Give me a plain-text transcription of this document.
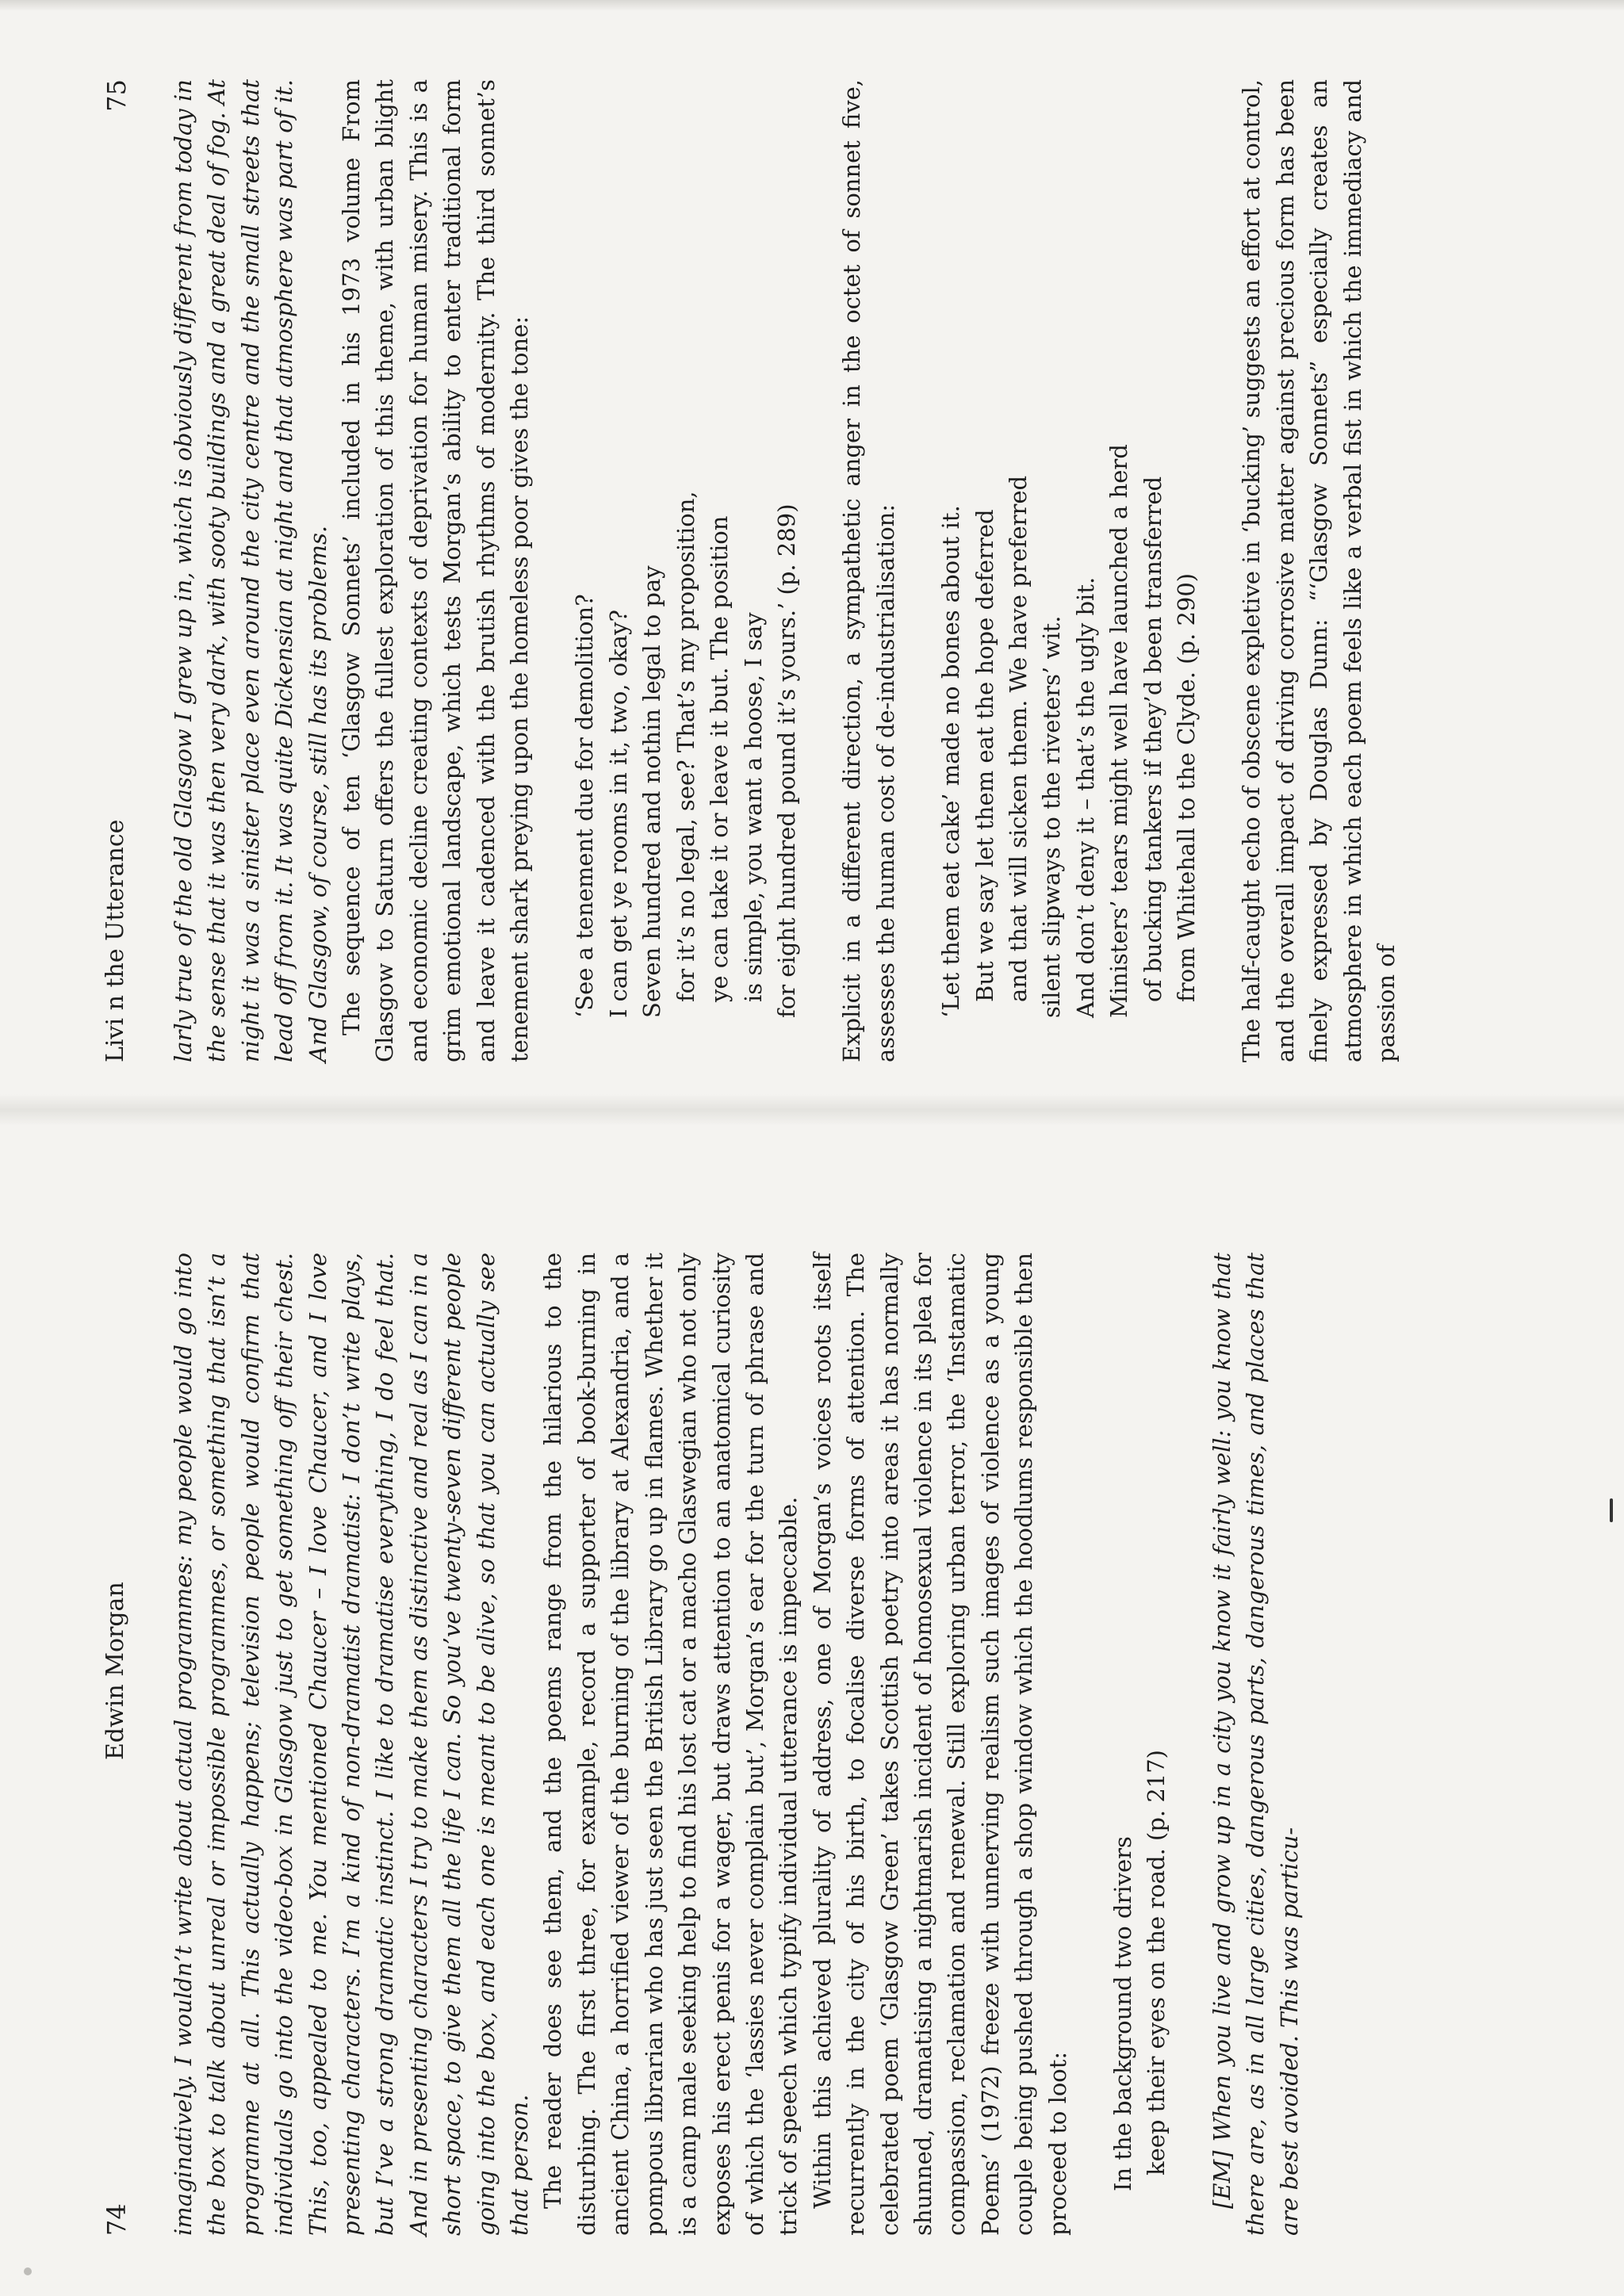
74
Edwin Morgan imaginatively. I wouldn’t write about actual programmes: my people would go into the box to talk about unreal or impossible programmes, or something that isn’t a programme at all. This actually happens; television people would confirm that individuals go into the video-box in Glasgow just to get something off their chest. This, too, appealed to me. You mentioned Chaucer – I love Chaucer, and I love presenting characters. I’m a kind of non-dramatist dramatist: I don’t write plays, but I’ve a strong dramatic instinct. I like to dramatise everything, I do feel that. And in presenting characters I try to make them as distinctive and real as I can in a short space, to give them all the life I can. So you’ve twenty-seven different people going into the box, and each one is meant to be alive, so that you can actually see that person. The reader does see them, and the poems range from the hilarious to the disturbing. The first three, for example, record a supporter of book-burning in ancient China, a horrified viewer of the burning of the library at Alexandria, and a pompous librarian who has just seen the British Library go up in flames. Whether it is a camp male seeking help to find his lost cat or a macho Glaswegian who not only exposes his erect penis for a wager, but draws attention to an anatomical curiosity of which the ‘lassies never complain but’, Morgan’s ear for the turn of phrase and trick of speech which typify individual utterance is impeccable. Within this achieved plurality of address, one of Morgan’s voices roots itself recurrently in the city of his birth, to focalise diverse forms of attention. The celebrated poem ‘Glasgow Green’ takes Scottish poetry into areas it has normally shunned, dramatising a nightmarish incident of homosexual violence in its plea for compassion, reclamation and renewal. Still exploring urban terror, the ‘Instamatic Poems’ (1972) freeze with unnerving realism such images of violence as a young couple being pushed through a shop window which the hoodlums responsible then proceed to loot: In the background two drivers keep their eyes on the road. (p. 217) [EM] When you live and grow up in a city you know it fairly well: you know that there are, as in all large cities, dangerous parts, dangerous times, and places that are best avoided. This was particu-

Livi n the Utterance
75 larly true of the old Glasgow I grew up in, which is obviously different from today in the sense that it was then very dark, with sooty buildings and a great deal of fog. At night it was a sinister place even around the city centre and the small streets that lead off from it. It was quite Dickensian at night and that atmosphere was part of it. And Glasgow, of course, still has its problems. The sequence of ten ‘Glasgow Sonnets’ included in his 1973 volume From Glasgow to Saturn offers the fullest exploration of this theme, with urban blight and economic decline creating contexts of deprivation for human misery. This is a grim emotional landscape, which tests Morgan’s ability to enter traditional form and leave it cadenced with the brutish rhythms of modernity. The third sonnet’s tenement shark preying upon the homeless poor gives the tone: ‘See a tenement due for demolition? I can get ye rooms in it, two, okay? Seven hundred and nothin legal to pay for it’s no legal, see? That’s my proposition, ye can take it or leave it but. The position is simple, you want a hoose, I say for eight hundred pound it’s yours.’ (p. 289) Explicit in a different direction, a sympathetic anger in the octet of sonnet five, assesses the human cost of de-industrialisation: ‘Let them eat cake’ made no bones about it. But we say let them eat the hope deferred and that will sicken them. We have preferred silent slipways to the riveters’ wit. And don’t deny it – that’s the ugly bit. Ministers’ tears might well have launched a herd of bucking tankers if they’d been transferred from Whitehall to the Clyde. (p. 290) The half-caught echo of obscene expletive in ‘bucking’ suggests an effort at control, and the overall impact of driving corrosive matter against precious form has been finely expressed by Douglas Dunn: “‘Glasgow Sonnets” especially creates an atmosphere in which each poem feels like a verbal fist in which the immediacy and passion of
